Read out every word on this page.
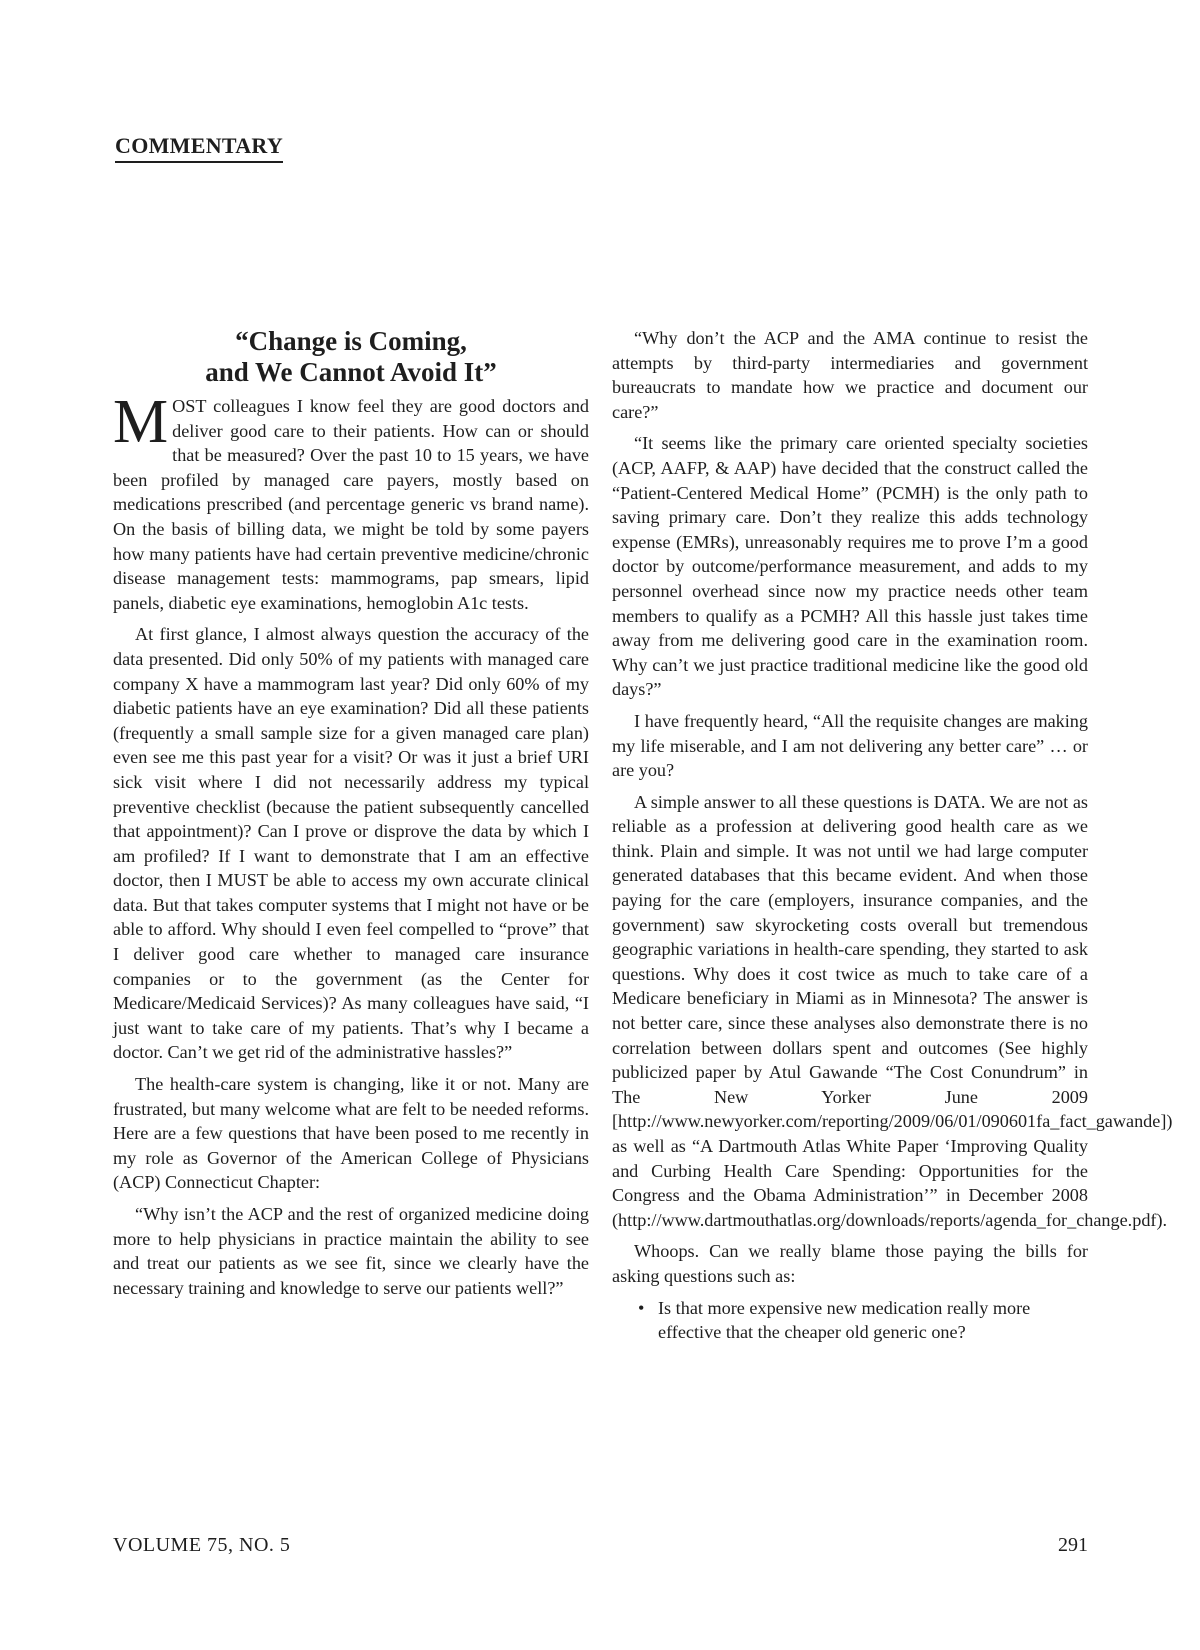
COMMENTARY
“Change is Coming,
and We Cannot Avoid It”

MOST colleagues I know feel they are good doctors and deliver good care to their patients. How can or should that be measured? Over the past 10 to 15 years, we have been profiled by managed care payers, mostly based on medications prescribed (and percentage generic vs brand name). On the basis of billing data, we might be told by some payers how many patients have had certain preventive medicine/chronic disease management tests: mammograms, pap smears, lipid panels, diabetic eye examinations, hemoglobin A1c tests.

At first glance, I almost always question the accuracy of the data presented. Did only 50% of my patients with managed care company X have a mammogram last year? Did only 60% of my diabetic patients have an eye examination? Did all these patients (frequently a small sample size for a given managed care plan) even see me this past year for a visit? Or was it just a brief URI sick visit where I did not necessarily address my typical preventive checklist (because the patient subsequently cancelled that appointment)? Can I prove or disprove the data by which I am profiled? If I want to demonstrate that I am an effective doctor, then I MUST be able to access my own accurate clinical data. But that takes computer systems that I might not have or be able to afford. Why should I even feel compelled to “prove” that I deliver good care whether to managed care insurance companies or to the government (as the Center for Medicare/Medicaid Services)? As many colleagues have said, “I just want to take care of my patients. That’s why I became a doctor. Can’t we get rid of the administrative hassles?”

The health-care system is changing, like it or not. Many are frustrated, but many welcome what are felt to be needed reforms. Here are a few questions that have been posed to me recently in my role as Governor of the American College of Physicians (ACP) Connecticut Chapter:

“Why isn’t the ACP and the rest of organized medicine doing more to help physicians in practice maintain the ability to see and treat our patients as we see fit, since we clearly have the necessary training and knowledge to serve our patients well?”

“Why don’t the ACP and the AMA continue to resist the attempts by third-party intermediaries and government bureaucrats to mandate how we practice and document our care?”

“It seems like the primary care oriented specialty societies (ACP, AAFP, & AAP) have decided that the construct called the “Patient-Centered Medical Home” (PCMH) is the only path to saving primary care. Don’t they realize this adds technology expense (EMRs), unreasonably requires me to prove I’m a good doctor by outcome/performance measurement, and adds to my personnel overhead since now my practice needs other team members to qualify as a PCMH? All this hassle just takes time away from me delivering good care in the examination room. Why can’t we just practice traditional medicine like the good old days?”

I have frequently heard, “All the requisite changes are making my life miserable, and I am not delivering any better care” … or are you?

A simple answer to all these questions is DATA. We are not as reliable as a profession at delivering good health care as we think. Plain and simple. It was not until we had large computer generated databases that this became evident. And when those paying for the care (employers, insurance companies, and the government) saw skyrocketing costs overall but tremendous geographic variations in health-care spending, they started to ask questions. Why does it cost twice as much to take care of a Medicare beneficiary in Miami as in Minnesota? The answer is not better care, since these analyses also demonstrate there is no correlation between dollars spent and outcomes (See highly publicized paper by Atul Gawande “The Cost Conundrum” in The New Yorker June 2009 [http://www.newyorker.com/reporting/2009/06/01/090601fa_fact_gawande]) as well as “A Dartmouth Atlas White Paper ‘Improving Quality and Curbing Health Care Spending: Opportunities for the Congress and the Obama Administration’” in December 2008 (http://www.dartmouthatlas.org/downloads/reports/agenda_for_change.pdf).

Whoops. Can we really blame those paying the bills for asking questions such as:

• Is that more expensive new medication really more effective that the cheaper old generic one?
VOLUME 75, NO. 5	291
